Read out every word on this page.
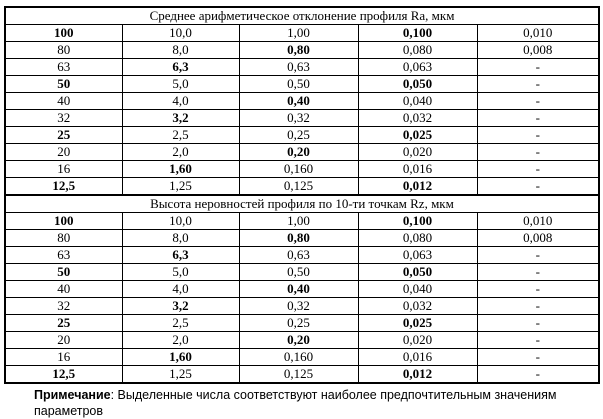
Среднее арифметическое отклонение профиля Ra, мкм				
100	10,0	1,00	0,100	0,010
80	8,0	0,80	0,080	0,008
63	6,3	0,63	0,063	-
50	5,0	0,50	0,050	-
40	4,0	0,40	0,040	-
32	3,2	0,32	0,032	-
25	2,5	0,25	0,025	-
20	2,0	0,20	0,020	-
16	1,60	0,160	0,016	-
12,5	1,25	0,125	0,012	-
Высота неровностей профиля по 10-ти точкам Rz, мкм				
100	10,0	1,00	0,100	0,010
80	8,0	0,80	0,080	0,008
63	6,3	0,63	0,063	-
50	5,0	0,50	0,050	-
40	4,0	0,40	0,040	-
32	3,2	0,32	0,032	-
25	2,5	0,25	0,025	-
20	2,0	0,20	0,020	-
16	1,60	0,160	0,016	-
12,5	1,25	0,125	0,012	-
Примечание: Выделенные числа соответствуют наиболее предпочтительным значениям параметров
